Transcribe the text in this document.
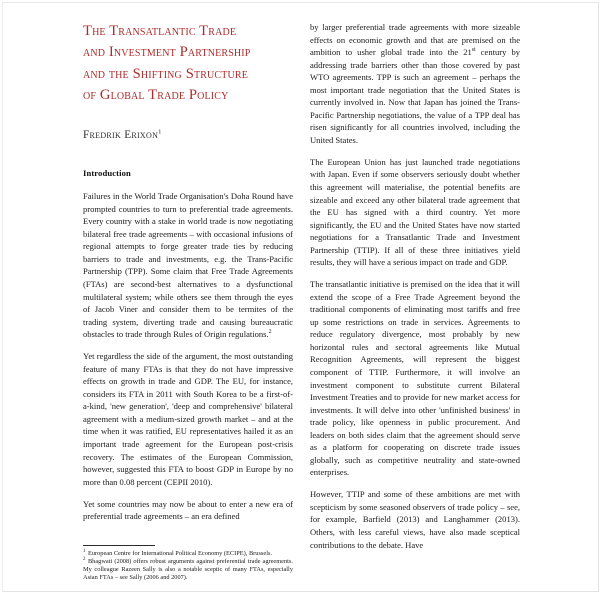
The Transatlantic Trade
and Investment Partnership
and the Shifting Structure
of Global Trade Policy
Fredrik Erixon$^1$
Introduction

Failures in the World Trade Organisation's Doha Round have prompted countries to turn to preferential trade agreements. Every country with a stake in world trade is now negotiating bilateral free trade agreements – with occasional infusions of regional attempts to forge greater trade ties by reducing barriers to trade and investments, e.g. the Trans-Pacific Partnership (TPP). Some claim that Free Trade Agreements (FTAs) are second-best alternatives to a dysfunctional multilateral system; while others see them through the eyes of Jacob Viner and consider them to be termites of the trading system, diverting trade and causing bureaucratic obstacles to trade through Rules of Origin regulations.$^2$

Yet regardless the side of the argument, the most outstanding feature of many FTAs is that they do not have impressive effects on growth in trade and GDP. The EU, for instance, considers its FTA in 2011 with South Korea to be a first-of-a-kind, 'new generation', 'deep and comprehensive' bilateral agreement with a medium-sized growth market – and at the time when it was ratified, EU representatives hailed it as an important trade agreement for the European post-crisis recovery. The estimates of the European Commission, however, suggested this FTA to boost GDP in Europe by no more than 0.08 percent (CEPII 2010).

Yet some countries may now be about to enter a new era of preferential trade agreements – an era defined

$^1$ European Centre for International Political Economy (ECIPE), Brussels.

$^2$ Bhagwati (2008) offers robust arguments against preferential trade agreements. My colleague Razeen Sally is also a notable sceptic of many FTAs, especially Asian FTAs – see Sally (2006 and 2007).

by larger preferential trade agreements with more sizeable effects on economic growth and that are premised on the ambition to usher global trade into the 21st century by addressing trade barriers other than those covered by past WTO agreements. TPP is such an agreement – perhaps the most important trade negotiation that the United States is currently involved in. Now that Japan has joined the Trans-Pacific Partnership negotiations, the value of a TPP deal has risen significantly for all countries involved, including the United States.

The European Union has just launched trade negotiations with Japan. Even if some observers seriously doubt whether this agreement will materialise, the potential benefits are sizeable and exceed any other bilateral trade agreement that the EU has signed with a third country. Yet more significantly, the EU and the United States have now started negotiations for a Transatlantic Trade and Investment Partnership (TTIP). If all of these three initiatives yield results, they will have a serious impact on trade and GDP.

The transatlantic initiative is premised on the idea that it will extend the scope of a Free Trade Agreement beyond the traditional components of eliminating most tariffs and free up some restrictions on trade in services. Agreements to reduce regulatory divergence, most probably by new horizontal rules and sectoral agreements like Mutual Recognition Agreements, will represent the biggest component of TTIP. Furthermore, it will involve an investment component to substitute current Bilateral Investment Treaties and to provide for new market access for investments. It will delve into other 'unfinished business' in trade policy, like openness in public procurement. And leaders on both sides claim that the agreement should serve as a platform for cooperating on discrete trade issues globally, such as competitive neutrality and state-owned enterprises.

However, TTIP and some of these ambitions are met with scepticism by some seasoned observers of trade policy – see, for example, Barfield (2013) and Langhammer (2013). Others, with less careful views, have also made sceptical contributions to the debate. Have
